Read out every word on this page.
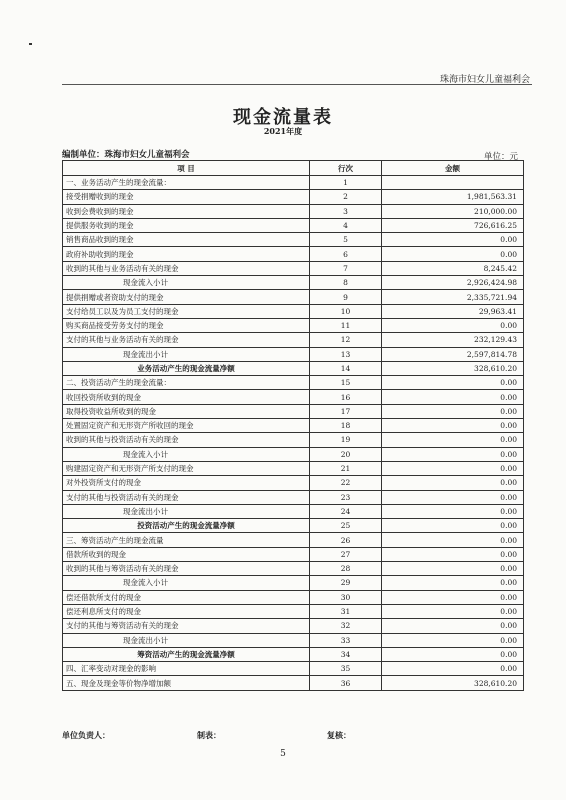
珠海市妇女儿童福利会
现金流量表
2021年度
编制单位：珠海市妇女儿童福利会	单位：元
项 目	行次	金额
一、业务活动产生的现金流量：	1	
接受捐赠收到的现金	2	1,981,563.31
收到会费收到的现金	3	210,000.00
提供服务收到的现金	4	726,616.25
销售商品收到的现金	5	0.00
政府补助收到的现金	6	0.00
收到的其他与业务活动有关的现金	7	8,245.42
现金流入小计	8	2,926,424.98
提供捐赠或者资助支付的现金	9	2,335,721.94
支付给员工以及为员工支付的现金	10	29,963.41
购买商品接受劳务支付的现金	11	0.00
支付的其他与业务活动有关的现金	12	232,129.43
现金流出小计	13	2,597,814.78
业务活动产生的现金流量净额	14	328,610.20
二、投资活动产生的现金流量：	15	0.00
收回投资所收到的现金	16	0.00
取得投资收益所收到的现金	17	0.00
处置固定资产和无形资产所收回的现金	18	0.00
收到的其他与投资活动有关的现金	19	0.00
现金流入小计	20	0.00
购建固定资产和无形资产所支付的现金	21	0.00
对外投资所支付的现金	22	0.00
支付的其他与投资活动有关的现金	23	0.00
现金流出小计	24	0.00
投资活动产生的现金流量净额	25	0.00
三、筹资活动产生的现金流量	26	0.00
借款所收到的现金	27	0.00
收到的其他与筹资活动有关的现金	28	0.00
现金流入小计	29	0.00
偿还借款所支付的现金	30	0.00
偿还利息所支付的现金	31	0.00
支付的其他与筹资活动有关的现金	32	0.00
现金流出小计	33	0.00
筹资活动产生的现金流量净额	34	0.00
四、汇率变动对现金的影响	35	0.00
五、现金及现金等价物净增加额	36	328,610.20
单位负责人：	制表：	复核：
5
